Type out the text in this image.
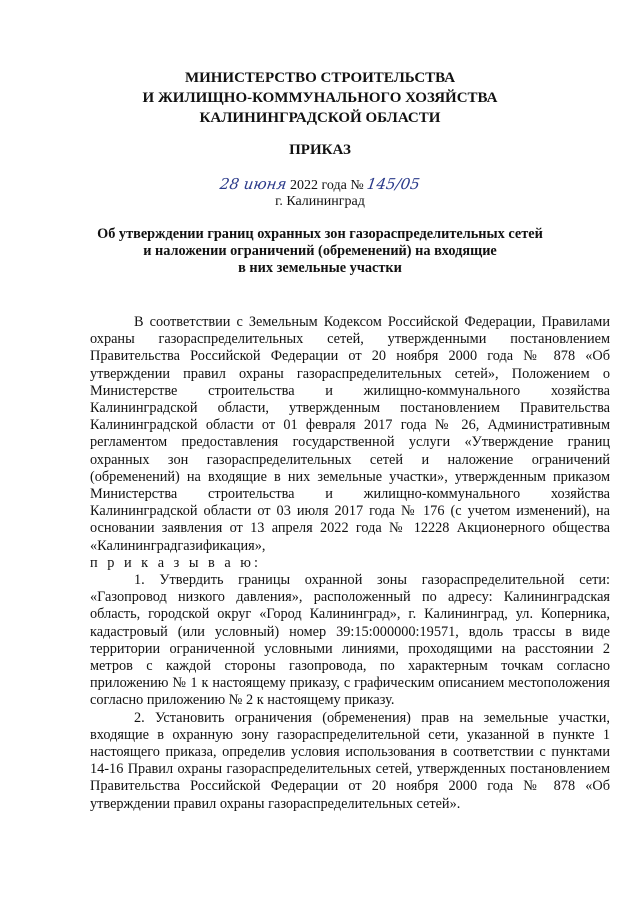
МИНИСТЕРСТВО СТРОИТЕЛЬСТВА
И ЖИЛИЩНО-КОММУНАЛЬНОГО ХОЗЯЙСТВА
КАЛИНИНГРАДСКОЙ ОБЛАСТИ
ПРИКАЗ
28 июня 2022 года № 145/05
г. Калининград
Об утверждении границ охранных зон газораспределительных сетей
и наложении ограничений (обременений) на входящие
в них земельные участки

В соответствии с Земельным Кодексом Российской Федерации, Правилами охраны газораспределительных сетей, утвержденными постановлением Правительства Российской Федерации от 20 ноября 2000 года № 878 «Об утверждении правил охраны газораспределительных сетей», Положением о Министерстве строительства и жилищно-коммунального хозяйства Калининградской области, утвержденным постановлением Правительства Калининградской области от 01 февраля 2017 года № 26, Административным регламентом предоставления государственной услуги «Утверждение границ охранных зон газораспределительных сетей и наложение ограничений (обременений) на входящие в них земельные участки», утвержденным приказом Министерства строительства и жилищно-коммунального хозяйства Калининградской области от 03 июля 2017 года № 176 (с учетом изменений), на основании заявления от 13 апреля 2022 года № 12228 Акционерного общества «Калининградгазификация»,

п р и к а з ы в а ю:

1. Утвердить границы охранной зоны газораспределительной сети: «Газопровод низкого давления», расположенный по адресу: Калининградская область, городской округ «Город Калининград», г. Калининград, ул. Коперника, кадастровый (или условный) номер 39:15:000000:19571, вдоль трассы в виде территории ограниченной условными линиями, проходящими на расстоянии 2 метров с каждой стороны газопровода, по характерным точкам согласно приложению № 1 к настоящему приказу, с графическим описанием местоположения согласно приложению № 2 к настоящему приказу.

2. Установить ограничения (обременения) прав на земельные участки, входящие в охранную зону газораспределительной сети, указанной в пункте 1 настоящего приказа, определив условия использования в соответствии с пунктами 14-16 Правил охраны газораспределительных сетей, утвержденных постановлением Правительства Российской Федерации от 20 ноября 2000 года № 878 «Об утверждении правил охраны газораспределительных сетей».
